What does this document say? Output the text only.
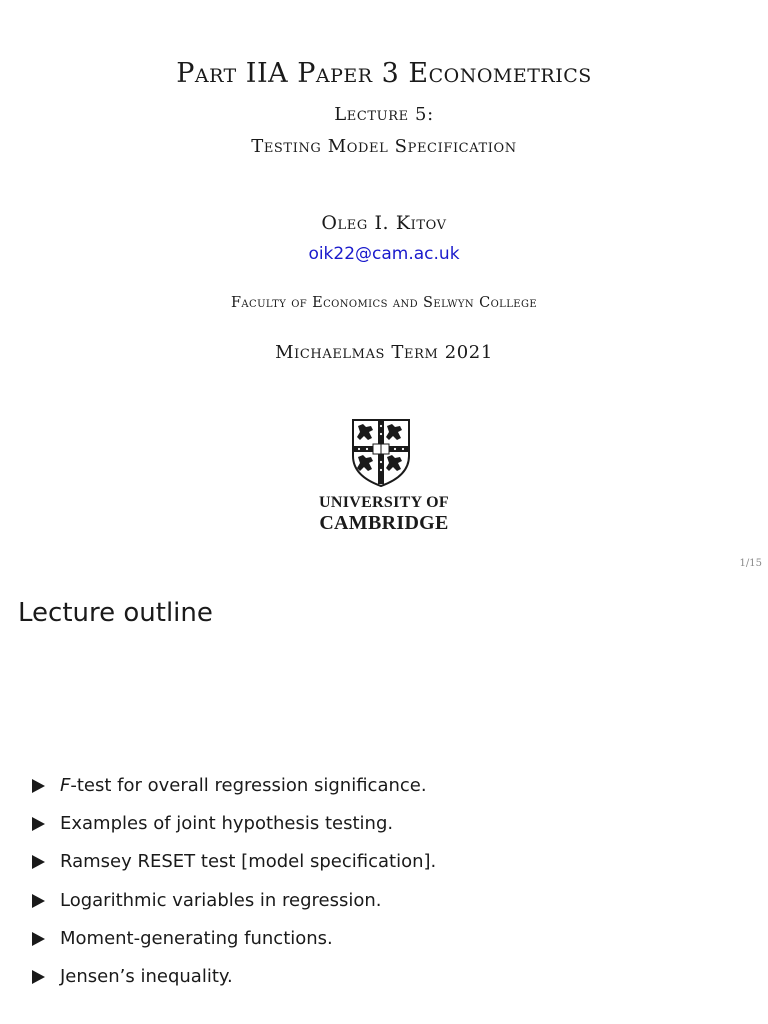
Part IIA Paper 3 Econometrics
Lecture 5:
Testing Model Specification
Oleg I. Kitov
oik22@cam.ac.uk
Faculty of Economics and Selwyn College
Michaelmas Term 2021
UNIVERSITY OF
CAMBRIDGE
1/15
Lecture outline
F -test for overall regression significance.
Examples of joint hypothesis testing.
Ramsey RESET test [model specification].
Logarithmic variables in regression.
Moment-generating functions.
Jensen’s inequality.
